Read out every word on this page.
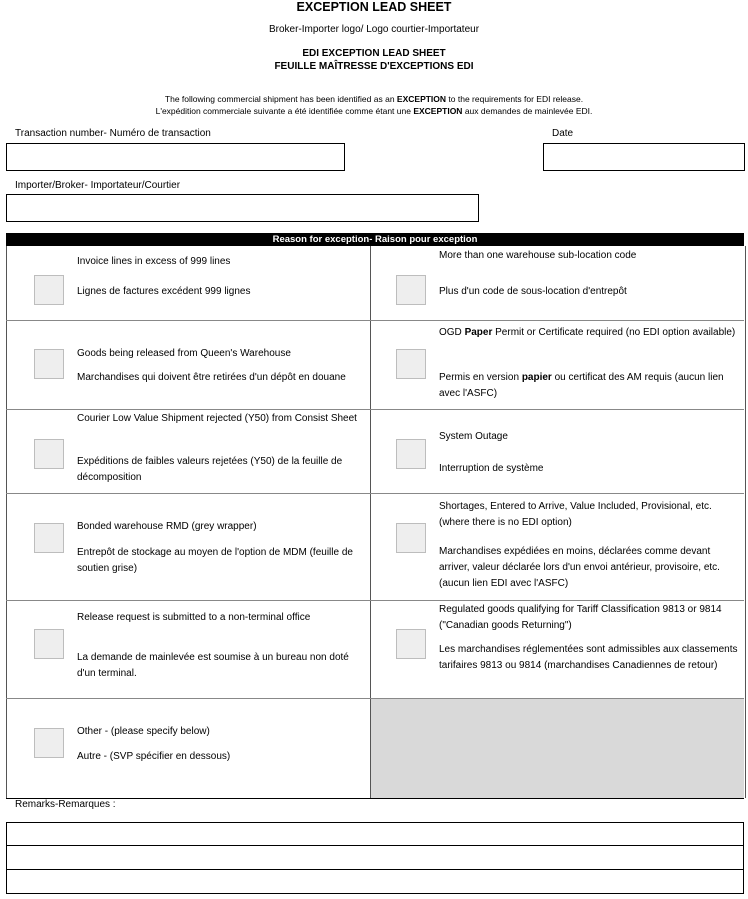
EXCEPTION LEAD SHEET
Broker-Importer logo/ Logo courtier-Importateur
EDI EXCEPTION LEAD SHEET
FEUILLE MAÎTRESSE D'EXCEPTIONS EDI
The following commercial shipment has been identified as an EXCEPTION to the requirements for EDI release.
L'expédition commerciale suivante a été identifiée comme étant une EXCEPTION aux demandes de mainlevée EDI.
Transaction number- Numéro de transaction	Date
Importer/Broker- Importateur/Courtier
Reason for exception- Raison pour exception
Invoice lines in excess of 999 lines
Lignes de factures excédent 999 lignes
Goods being released from Queen's Warehouse
Marchandises qui doivent être retirées d'un dépôt en douane
Courier Low Value Shipment rejected (Y50) from Consist Sheet
Expéditions de faibles valeurs rejetées (Y50) de la feuille de décomposition
Bonded warehouse RMD (grey wrapper)
Entrepôt de stockage au moyen de l'option de MDM (feuille de soutien grise)
Release request is submitted to a non-terminal office
La demande de mainlevée est soumise à un bureau non doté d'un terminal.
Other - (please specify below)
Autre - (SVP spécifier en dessous)
More than one warehouse sub-location code
Plus d'un code de sous-location d'entrepôt
OGD Paper Permit or Certificate required (no EDI option available)
Permis en version papier ou certificat des AM requis (aucun lien avec l'ASFC)
System Outage
Interruption de système
Shortages, Entered to Arrive, Value Included, Provisional, etc. (where there is no EDI option)
Marchandises expédiées en moins, déclarées comme devant arriver, valeur déclarée lors d'un envoi antérieur, provisoire, etc. (aucun lien EDI avec l'ASFC)
Regulated goods qualifying for Tariff Classification 9813 or 9814 ("Canadian goods Returning")
Les marchandises réglementées sont admissibles aux classements tarifaires 9813 ou 9814 (marchandises Canadiennes de retour)
Remarks-Remarques :
